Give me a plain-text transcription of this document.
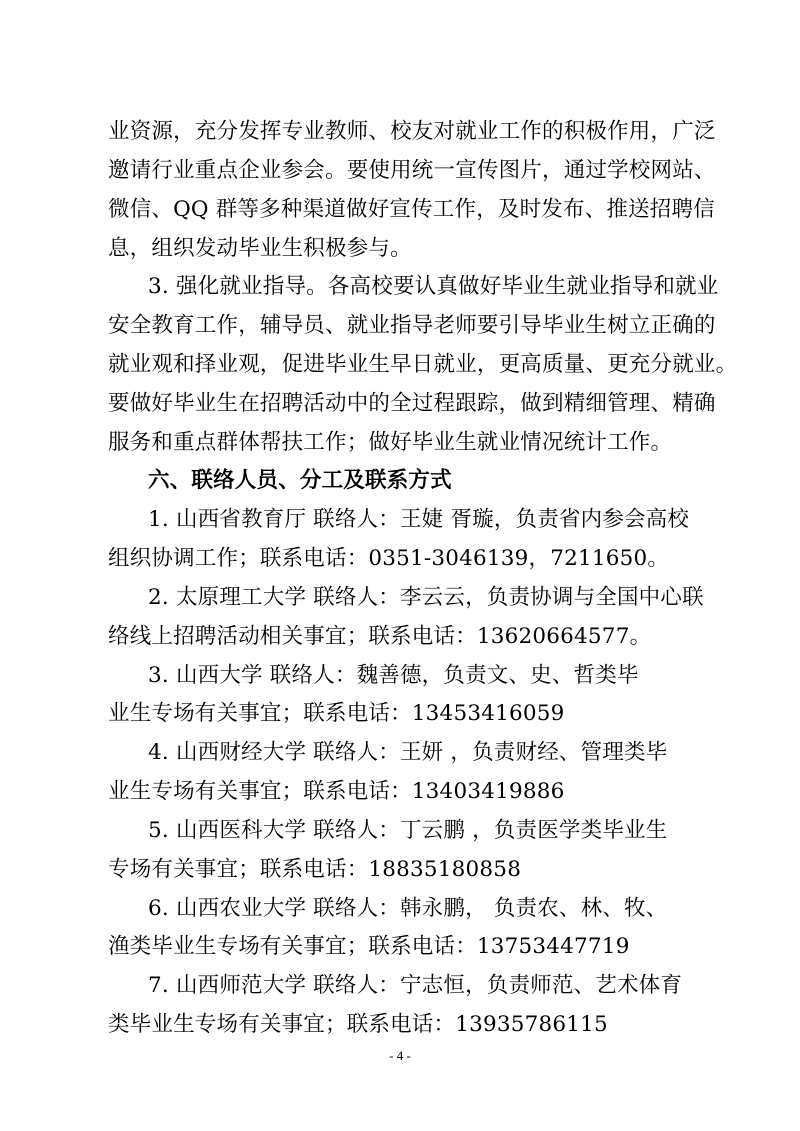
业资源，充分发挥专业教师、校友对就业工作的积极作用，广泛
邀请行业重点企业参会。要使用统一宣传图片，通过学校网站、
微信、QQ 群等多种渠道做好宣传工作，及时发布、推送招聘信
息，组织发动毕业生积极参与。
3. 强化就业指导。各高校要认真做好毕业生就业指导和就业
安全教育工作，辅导员、就业指导老师要引导毕业生树立正确的
就业观和择业观，促进毕业生早日就业，更高质量、更充分就业。
要做好毕业生在招聘活动中的全过程跟踪，做到精细管理、精确
服务和重点群体帮扶工作；做好毕业生就业情况统计工作。
六、联络人员、分工及联系方式
1. 山西省教育厅 联络人：王婕 胥璇，负责省内参会高校
组织协调工作；联系电话：0351-3046139，7211650。
2. 太原理工大学 联络人：李云云，负责协调与全国中心联
络线上招聘活动相关事宜；联系电话：13620664577。
3. 山西大学 联络人：魏善德，负责文、史、哲类毕
业生专场有关事宜；联系电话：13453416059
4. 山西财经大学 联络人：王妍 ，负责财经、管理类毕
业生专场有关事宜；联系电话：13403419886
5. 山西医科大学 联络人：丁云鹏 ，负责医学类毕业生
专场有关事宜；联系电话：18835180858
6. 山西农业大学 联络人：韩永鹏， 负责农、林、牧、
渔类毕业生专场有关事宜；联系电话：13753447719
7. 山西师范大学 联络人：宁志恒，负责师范、艺术体育
类毕业生专场有关事宜；联系电话：13935786115
- 4 -
